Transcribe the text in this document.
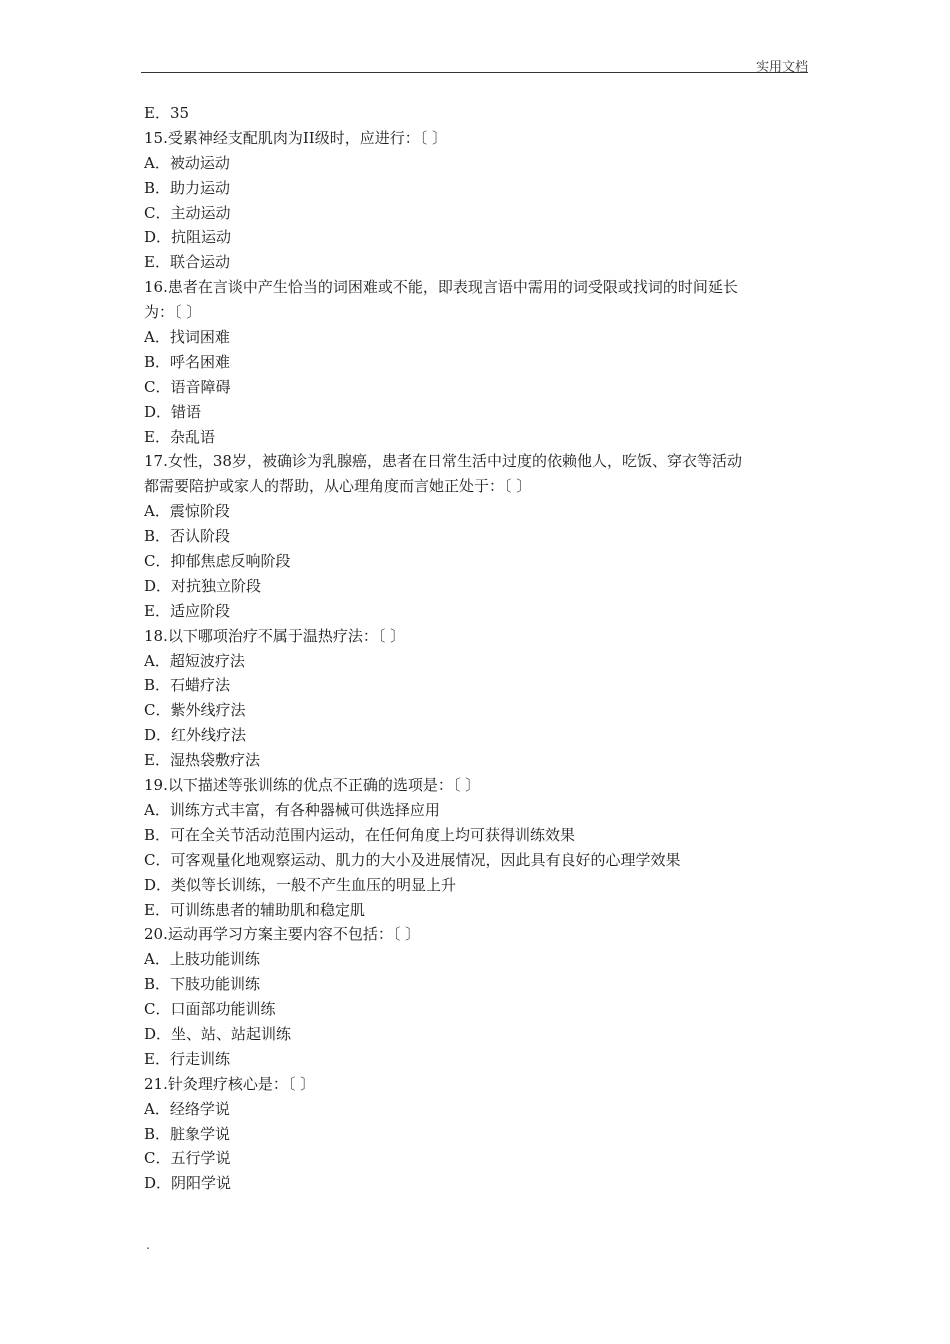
实用文档
E．35
15.受累神经支配肌肉为II级时，应进行：〔 〕
A．被动运动
B．助力运动
C．主动运动
D．抗阻运动
E．联合运动
16.患者在言谈中产生恰当的词困难或不能，即表现言语中需用的词受限或找词的时间延长
为：〔 〕
A．找词困难
B．呼名困难
C．语音障碍
D．错语
E．杂乱语
17.女性，38岁，被确诊为乳腺癌，患者在日常生活中过度的依赖他人，吃饭、穿衣等活动
都需要陪护或家人的帮助，从心理角度而言她正处于：〔 〕
A．震惊阶段
B．否认阶段
C．抑郁焦虑反响阶段
D．对抗独立阶段
E．适应阶段
18.以下哪项治疗不属于温热疗法：〔 〕
A．超短波疗法
B．石蜡疗法
C．紫外线疗法
D．红外线疗法
E．湿热袋敷疗法
19.以下描述等张训练的优点不正确的选项是：〔 〕
A．训练方式丰富，有各种器械可供选择应用
B．可在全关节活动范围内运动，在任何角度上均可获得训练效果
C．可客观量化地观察运动、肌力的大小及进展情况，因此具有良好的心理学效果
D．类似等长训练，一般不产生血压的明显上升
E．可训练患者的辅助肌和稳定肌
20.运动再学习方案主要内容不包括：〔 〕
A．上肢功能训练
B．下肢功能训练
C．口面部功能训练
D．坐、站、站起训练
E．行走训练
21.针灸理疗核心是：〔 〕
A．经络学说
B．脏象学说
C．五行学说
D．阴阳学说
.
